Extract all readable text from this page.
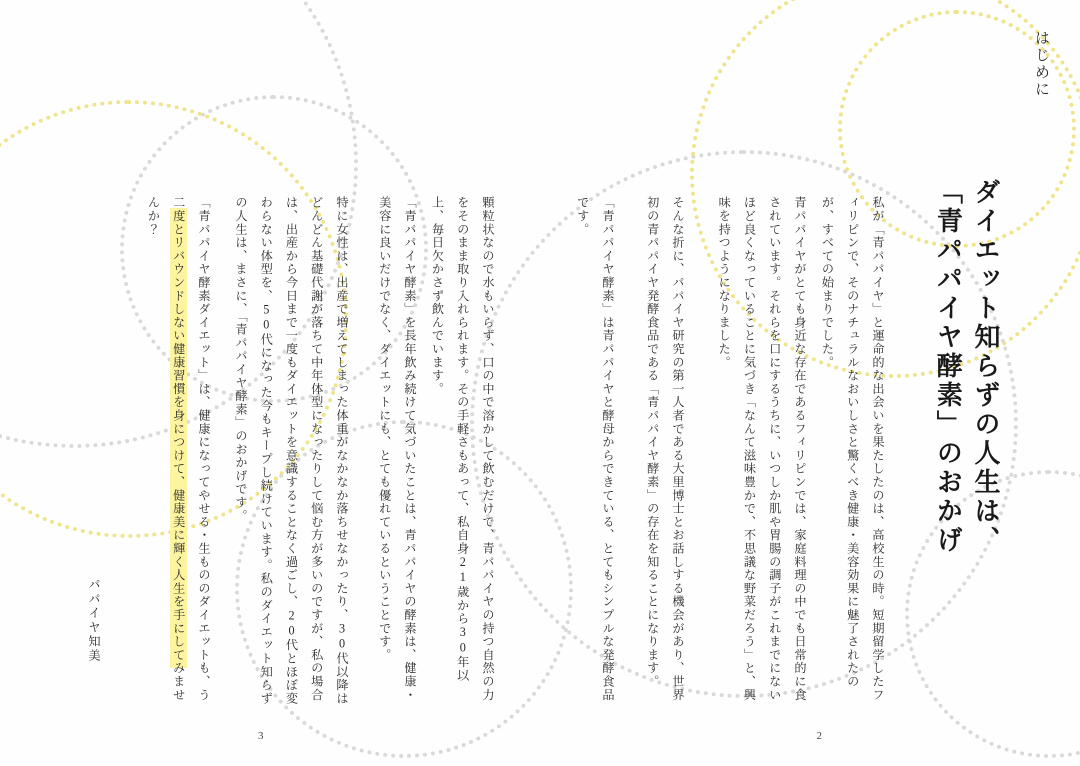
顆粒状なので水もいらず、口の中で溶かして飲むだけで、青パパイヤの持つ自然の力をそのまま取り入れられます。その手軽さもあって、私自身21歳から30年以上、毎日欠かさず飲んでいます。
「青パパイヤ酵素」を長年飲み続けて気づいたことは、青パパイヤの酵素は、健康・美容に良いだけでなく、ダイエットにも、とても優れているということです。
特に女性は、出産で増えてしまった体重がなかなか落ちせなかったり、30代以降はどんどん基礎代謝が落ちて中年体型になったりして悩む方が多いのですが、私の場合は、出産から今日まで一度もダイエットを意識することなく過ごし、20代とほぼ変わらない体型を、50代になった今もキープし続けています。私のダイエット知らずの人生は、まさに、「青パパイヤ酵素」のおかげです。
「青パパイヤ酵素ダイエット」は、健康になってやせる・生もののダイエットも、う二度とリバウンドしない健康習慣を身につけて、健康美に輝く人生を手にしてみませんか？
パパイヤ知美
3
はじめに
ダイエット知らずの人生は、「青パパイヤ酵素」のおかげ
私が「青パパイヤ」と運命的な出会いを果たしたのは、高校生の時。短期留学したフィリピンで、そのナチュラルなおいしさと驚くべき健康・美容効果に魅了されたのが、すべての始まりでした。
青パパイヤがとても身近な存在であるフィリピンでは、家庭料理の中でも日常的に食されています。それらを口にするうちに、いつしか肌や胃腸の調子がこれまでにないほど良くなっていることに気づき「なんて滋味豊かで、不思議な野菜だろう」と、興味を持つようになりました。
そんな折に、パパイヤ研究の第一人者である大里博士とお話しする機会があり、世界初の青パパイヤ発酵食品である「青パパイヤ酵素」の存在を知ることになります。
「青パパイヤ酵素」は青パパイヤと酵母からできている、とてもシンプルな発酵食品です。
2
